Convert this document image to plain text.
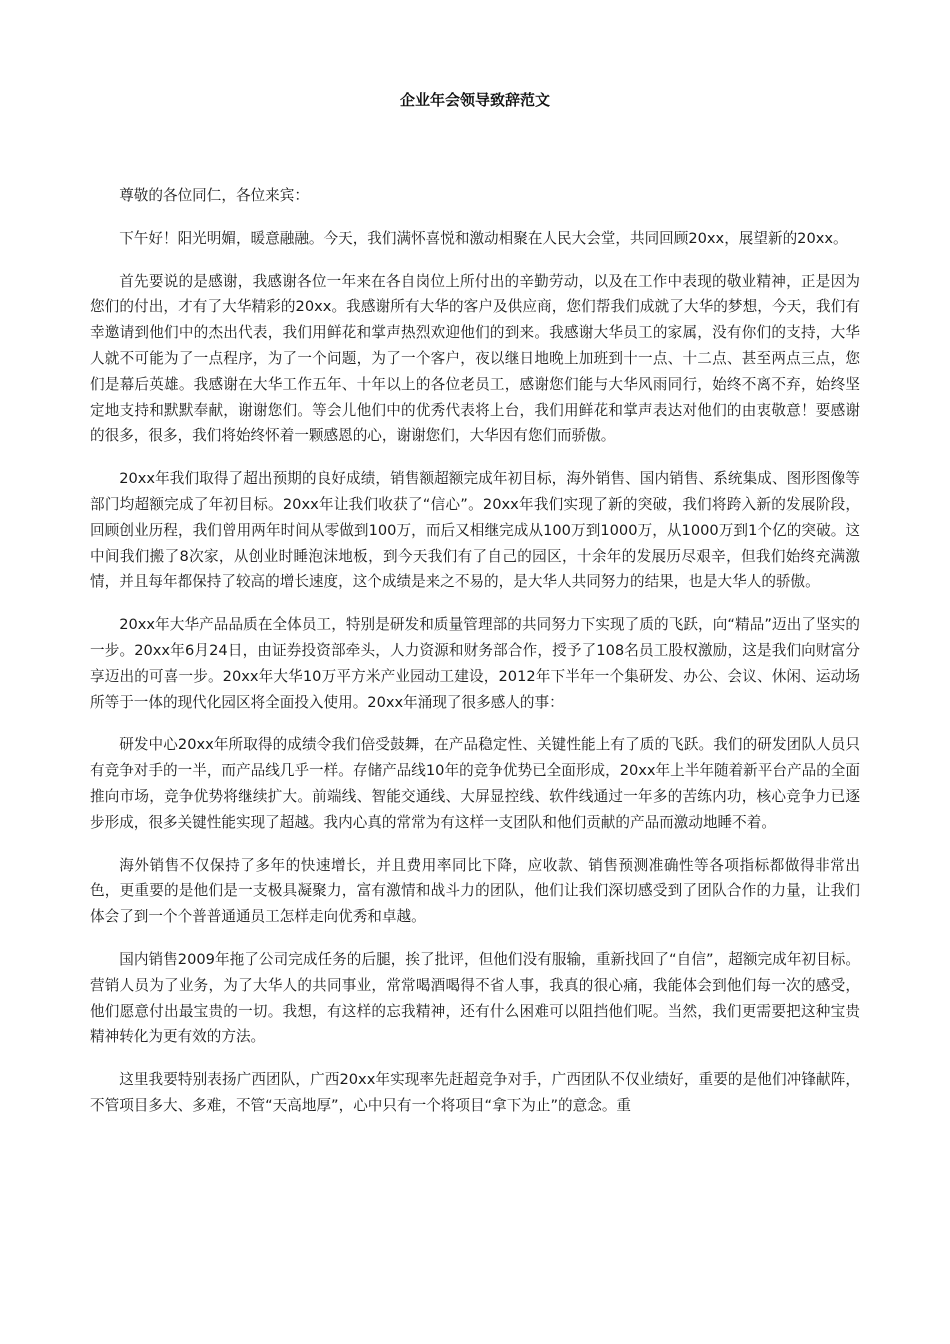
企业年会领导致辞范文

尊敬的各位同仁，各位来宾：

下午好！阳光明媚，暖意融融。今天，我们满怀喜悦和激动相聚在人民大会堂，共同回顾20xx，展望新的20xx。

首先要说的是感谢，我感谢各位一年来在各自岗位上所付出的辛勤劳动，以及在工作中表现的敬业精神，正是因为您们的付出，才有了大华精彩的20xx。我感谢所有大华的客户及供应商，您们帮我们成就了大华的梦想，今天，我们有幸邀请到他们中的杰出代表，我们用鲜花和掌声热烈欢迎他们的到来。我感谢大华员工的家属，没有你们的支持，大华人就不可能为了一点程序，为了一个问题，为了一个客户，夜以继日地晚上加班到十一点、十二点、甚至两点三点，您们是幕后英雄。我感谢在大华工作五年、十年以上的各位老员工，感谢您们能与大华风雨同行，始终不离不弃，始终坚定地支持和默默奉献，谢谢您们。等会儿他们中的优秀代表将上台，我们用鲜花和掌声表达对他们的由衷敬意！要感谢的很多，很多，我们将始终怀着一颗感恩的心，谢谢您们，大华因有您们而骄傲。

20xx年我们取得了超出预期的良好成绩，销售额超额完成年初目标，海外销售、国内销售、系统集成、图形图像等部门均超额完成了年初目标。20xx年让我们收获了“信心”。20xx年我们实现了新的突破，我们将跨入新的发展阶段，回顾创业历程，我们曾用两年时间从零做到100万，而后又相继完成从100万到1000万，从1000万到1个亿的突破。这中间我们搬了8次家，从创业时睡泡沫地板，到今天我们有了自己的园区，十余年的发展历尽艰辛，但我们始终充满激情，并且每年都保持了较高的增长速度，这个成绩是来之不易的，是大华人共同努力的结果，也是大华人的骄傲。

20xx年大华产品品质在全体员工，特别是研发和质量管理部的共同努力下实现了质的飞跃，向“精品”迈出了坚实的一步。20xx年6月24日，由证券投资部牵头，人力资源和财务部合作，授予了108名员工股权激励，这是我们向财富分享迈出的可喜一步。20xx年大华10万平方米产业园动工建设，2012年下半年一个集研发、办公、会议、休闲、运动场所等于一体的现代化园区将全面投入使用。20xx年涌现了很多感人的事：

研发中心20xx年所取得的成绩令我们倍受鼓舞，在产品稳定性、关键性能上有了质的飞跃。我们的研发团队人员只有竞争对手的一半，而产品线几乎一样。存储产品线10年的竞争优势已全面形成，20xx年上半年随着新平台产品的全面推向市场，竞争优势将继续扩大。前端线、智能交通线、大屏显控线、软件线通过一年多的苦练内功，核心竞争力已逐步形成，很多关键性能实现了超越。我内心真的常常为有这样一支团队和他们贡献的产品而激动地睡不着。

海外销售不仅保持了多年的快速增长，并且费用率同比下降，应收款、销售预测准确性等各项指标都做得非常出色，更重要的是他们是一支极具凝聚力，富有激情和战斗力的团队，他们让我们深切感受到了团队合作的力量，让我们体会了到一个个普普通通员工怎样走向优秀和卓越。

国内销售2009年拖了公司完成任务的后腿，挨了批评，但他们没有服输，重新找回了“自信”，超额完成年初目标。营销人员为了业务，为了大华人的共同事业，常常喝酒喝得不省人事，我真的很心痛，我能体会到他们每一次的感受，他们愿意付出最宝贵的一切。我想，有这样的忘我精神，还有什么困难可以阻挡他们呢。当然，我们更需要把这种宝贵精神转化为更有效的方法。

这里我要特别表扬广西团队，广西20xx年实现率先赶超竞争对手，广西团队不仅业绩好，重要的是他们冲锋献阵，不管项目多大、多难，不管“天高地厚”，心中只有一个将项目“拿下为止”的意念。重
